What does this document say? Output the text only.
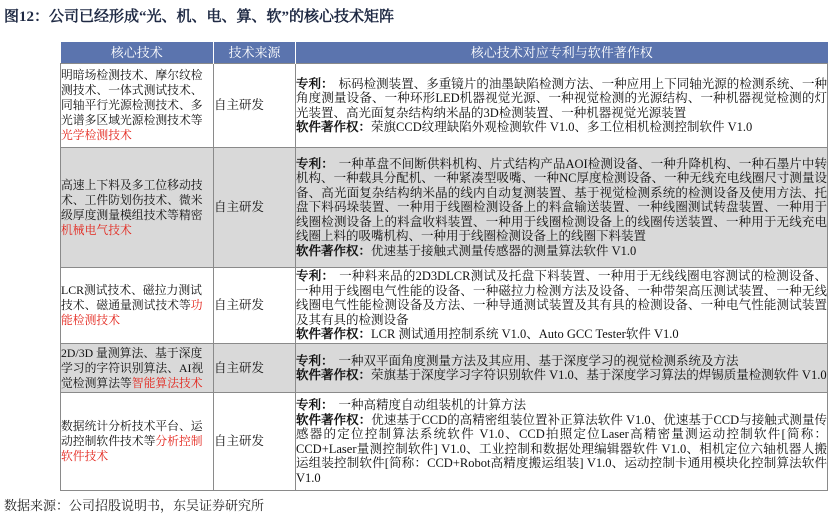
图12：公司已经形成“光、机、电、算、软”的核心技术矩阵
核心技术	技术来源	核心技术对应专利与软件著作权
明暗场检测技术、摩尔纹检测技术、一体式测试技术、同轴平行光源检测技术、多光谱多区域光源检测技术等光学检测技术	自主研发	专利： 标码检测装置、多重镜片的油墨缺陷检测方法、一种应用上下同轴光源的检测系统、一种角度测量设备、一种环形LED机器视觉光源、一种视觉检测的光源结构、一种机器视觉检测的灯光装置、高光面复杂结构纳米晶的3D检测装置、一种机器视觉光源装置
软件著作权：荣旗CCD纹理缺陷外观检测软件 V1.0、多工位相机检测控制软件 V1.0

高速上下料及多工位移动技术、工件防划伤技术、微米级厚度测量模组技术等精密机械电气技术	自主研发	专利： 一种革盘不间断供料机构、片式结构产品AOI检测设备、一种升降机构、一种石墨片中转机构、一种载具分配机、一种紧凑型吸嘴、一种NC厚度检测设备、一种无线充电线圈尺寸测量设备、高光面复杂结构纳米晶的线内自动复测装置、基于视觉检测系统的检测设备及使用方法、托盘下料码垛装置、一种用于线圈检测设备上的料盒输送装置、一种线圈测试转盘装置、一种用于线圈检测设备上的料盒收料装置、一种用于线圈检测设备上的线圈传送装置、一种用于无线充电线圈上料的吸嘴机构、一种用于线圈检测设备上的线圈下料装置
软件著作权：优速基于接触式测量传感器的测量算法软件 V1.0

LCR测试技术、磁拉力测试技术、磁通量测试技术等功能检测技术	自主研发	专利： 一种料来品的2D3DLCR测试及托盘下料装置、一种用于无线线圈电容测试的检测设备、一种用于线圈电气性能的设备、一种磁拉力检测方法及设备、一种带架高压测试装置、一种无线线圈电气性能检测设备及方法、一种导通测试装置及其有具的检测设备、一种电气性能测试装置及其有具的检测设备
软件著作权：LCR 测试通用控制系统 V1.0、Auto GCC Tester软件 V1.0

2D/3D 量测算法、基于深度学习的字符识别算法、AI视觉检测算法等智能算法技术	自主研发	专利： 一种双平面角度测量方法及其应用、基于深度学习的视觉检测系统及方法
软件著作权：荣旗基于深度学习字符识别软件 V1.0、基于深度学习算法的焊锡质量检测软件 V1.0

数据统计分析技术平台、运动控制软件技术等分析控制软件技术	自主研发	专利： 一种高精度自动组装机的计算方法
软件著作权：优速基于CCD的高精密组装位置补正算法软件 V1.0、优速基于CCD与接触式测量传感器的定位控制算法系统软件 V1.0、CCD拍照定位Laser高精密量测运动控制软件[简称：CCD+Laser量测控制软件] V1.0、工业控制和数据处理编辑器软件 V1.0、相机定位六轴机器人搬运组装控制软件[简称：CCD+Robot高精度搬运组装] V1.0、运动控制卡通用模块化控制算法软件 V1.0
数据来源：公司招股说明书，东吴证券研究所
